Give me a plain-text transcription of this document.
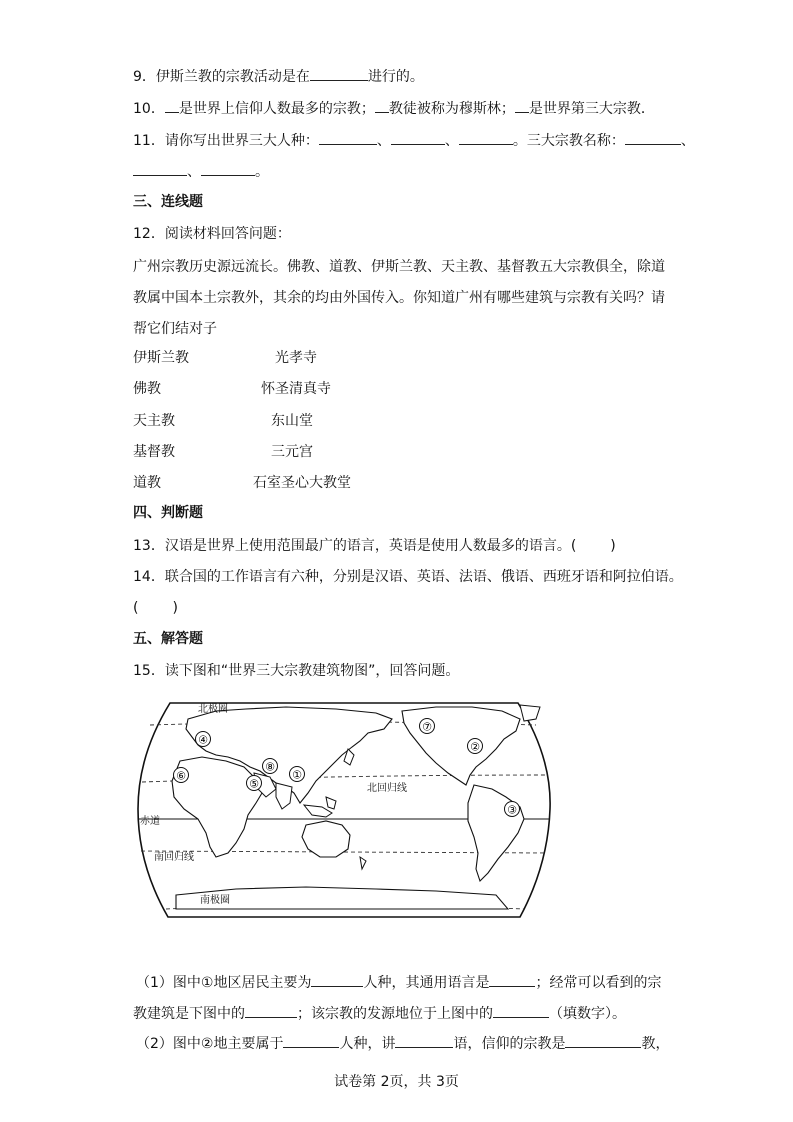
9．伊斯兰教的宗教活动是在	进行的。
10． 是世界上信仰人数最多的宗教； 教徒被称为穆斯林； 是世界第三大宗教．
11．请你写出世界三大人种：	、	、	。三大宗教名称：	、
、	。
三、连线题
12．阅读材料回答问题：
广州宗教历史源远流长。佛教、道教、伊斯兰教、天主教、基督教五大宗教俱全，除道
教属中国本土宗教外，其余的均由外国传入。你知道广州有哪些建筑与宗教有关吗？请
帮它们结对子
伊斯兰教	光孝寺
佛教	怀圣清真寺
天主教	东山堂
基督教	三元宫
道教	石室圣心大教堂
四、判断题
13．汉语是世界上使用范围最广的语言，英语是使用人数最多的语言。( )
14．联合国的工作语言有六种，分别是汉语、英语、法语、俄语、西班牙语和阿拉伯语。
( )
五、解答题
15．读下图和“世界三大宗教建筑物图”，回答问题。
①
②
③
④
⑤
⑥
⑦
⑧
北极圈
北回归线
赤道
南回归线
南极圈
（1）图中①地区居民主要为	人种，其通用语言是	；经常可以看到的宗
教建筑是下图中的	；该宗教的发源地位于上图中的	（填数字）。
（2）图中②地主要属于	人种，讲	语，信仰的宗教是	教，
试卷第 2页，共 3页
